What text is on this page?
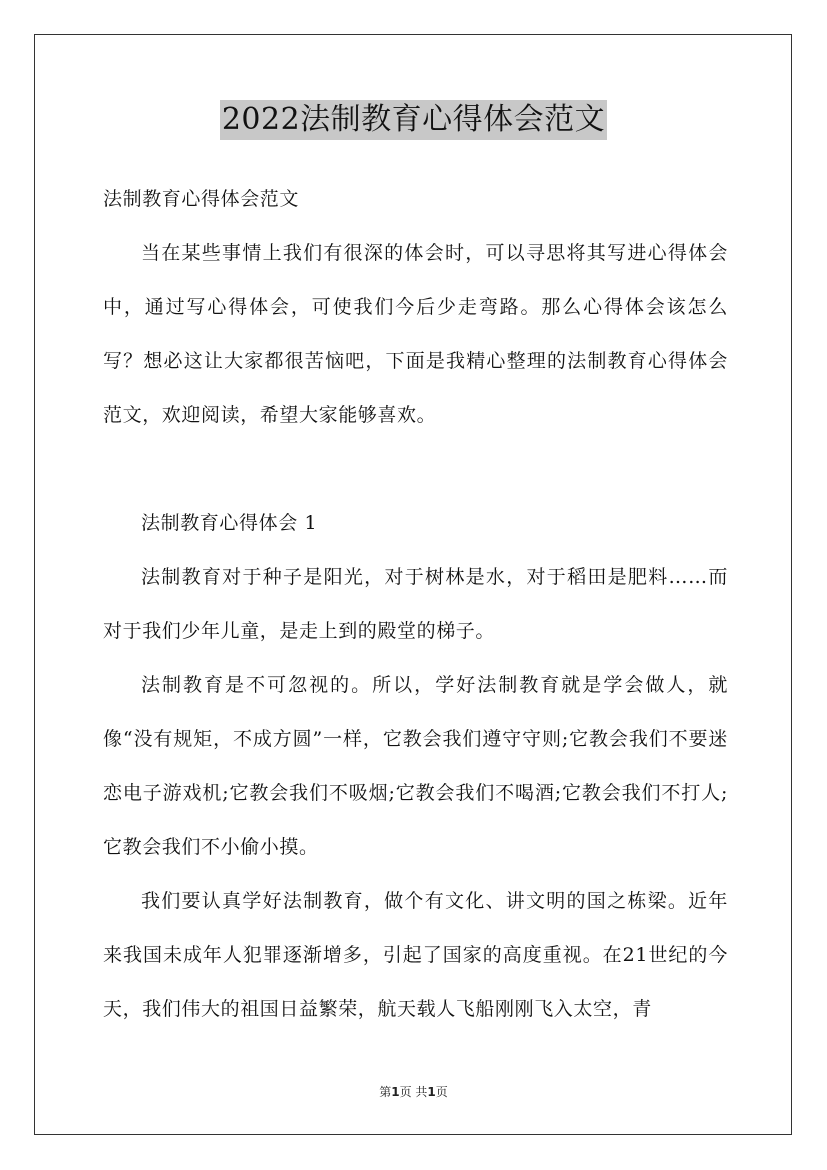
2022法制教育心得体会范文

法制教育心得体会范文

当在某些事情上我们有很深的体会时，可以寻思将其写进心得体会中，通过写心得体会，可使我们今后少走弯路。那么心得体会该怎么写？想必这让大家都很苦恼吧，下面是我精心整理的法制教育心得体会范文，欢迎阅读，希望大家能够喜欢。

法制教育心得体会 1

法制教育对于种子是阳光，对于树林是水，对于稻田是肥料……而对于我们少年儿童，是走上到的殿堂的梯子。

法制教育是不可忽视的。所以，学好法制教育就是学会做人，就像“没有规矩，不成方圆”一样，它教会我们遵守守则;它教会我们不要迷恋电子游戏机;它教会我们不吸烟;它教会我们不喝酒;它教会我们不打人;它教会我们不小偷小摸。

我们要认真学好法制教育，做个有文化、讲文明的国之栋梁。近年来我国未成年人犯罪逐渐增多，引起了国家的高度重视。在21世纪的今天，我们伟大的祖国日益繁荣，航天载人飞船刚刚飞入太空，青

第1页 共1页
